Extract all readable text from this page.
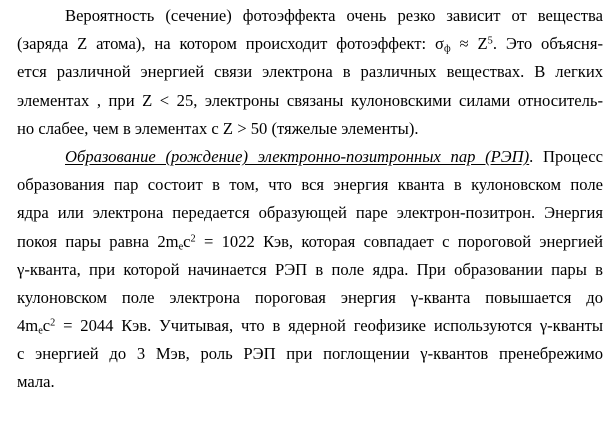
Вероятность (сечение) фотоэффекта очень резко зависит от вещества
(заряда Z атома), на котором происходит фотоэффект: $\sigma_ф \approx Z^5$. Это объясня-
ется различной энергией связи электрона в различных веществах. В легких
элементах , при Z < 25, электроны связаны кулоновскими силами относитель-
но слабее, чем в элементах с Z > 50 (тяжелые элементы).
Образование (рождение) электронно-позитронных пар (РЭП). Процесс
образования пар состоит в том, что вся энергия кванта в кулоновском поле
ядра или электрона передается образующей паре электрон-позитрон. Энергия
покоя пары равна $2m_ec^2 = 1022$ Кэв, которая совпадает с пороговой энергией
γ-кванта, при которой начинается РЭП в поле ядра. При образовании пары в
кулоновском поле электрона пороговая энергия γ-кванта повышается до
$4m_ec^2 = 2044$ Кэв. Учитывая, что в ядерной геофизике используются γ-кванты
с энергией до 3 Мэв, роль РЭП при поглощении γ-квантов пренебрежимо
мала.
